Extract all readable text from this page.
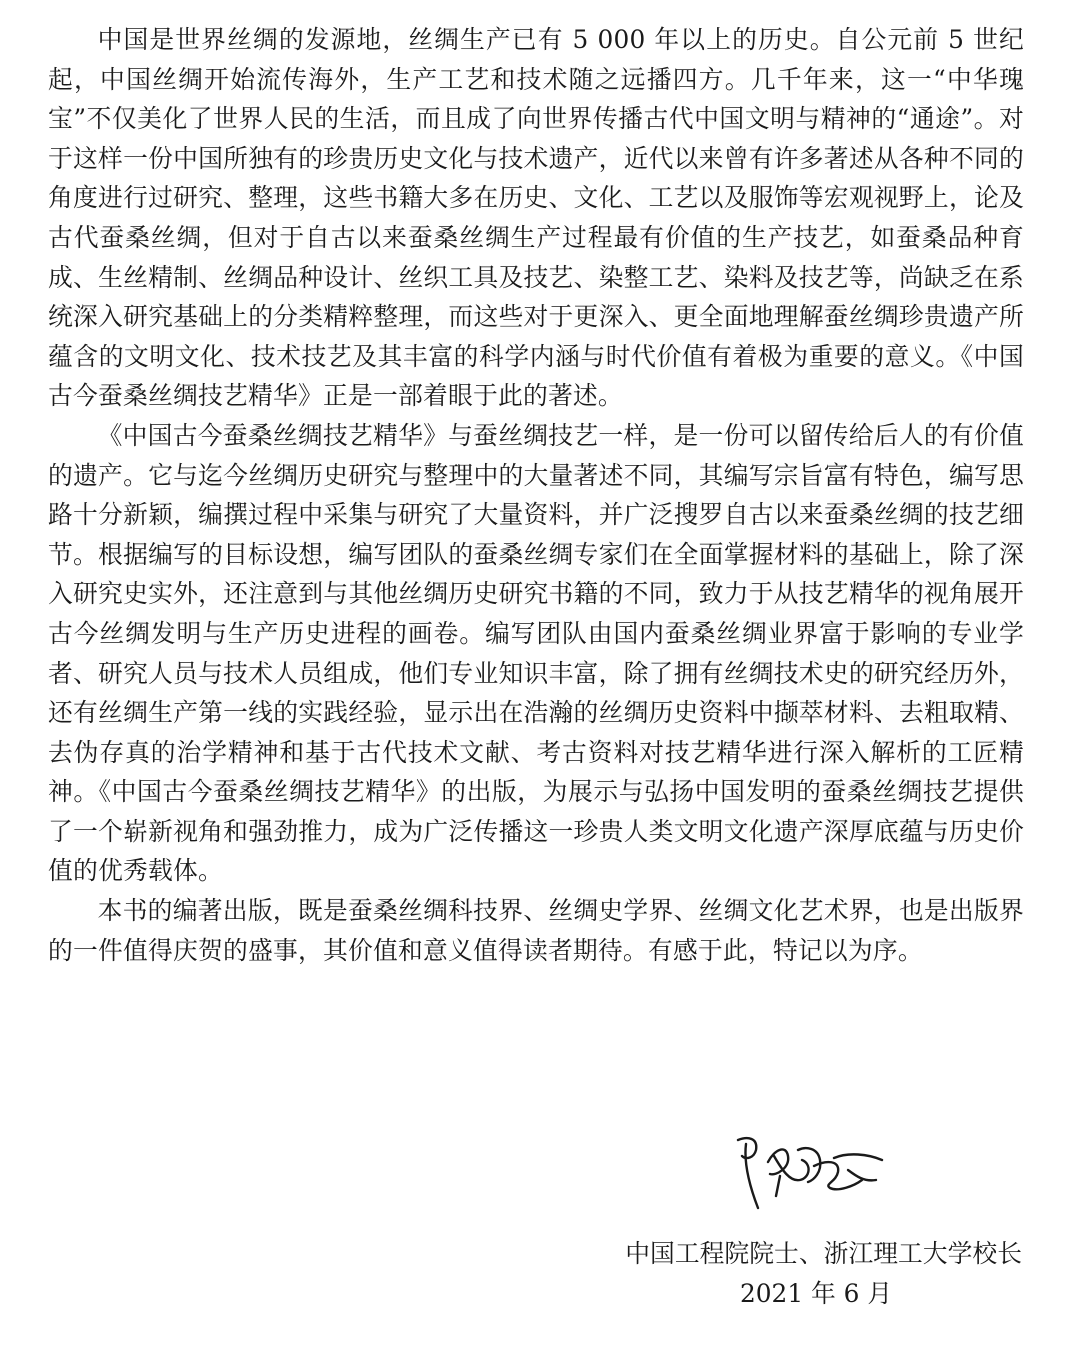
中国是世界丝绸的发源地，丝绸生产已有 5 000 年以上的历史。自公元前 5 世纪起，中国丝绸开始流传海外，生产工艺和技术随之远播四方。几千年来，这一“中华瑰宝”不仅美化了世界人民的生活，而且成了向世界传播古代中国文明与精神的“通途”。对于这样一份中国所独有的珍贵历史文化与技术遗产，近代以来曾有许多著述从各种不同的角度进行过研究、整理，这些书籍大多在历史、文化、工艺以及服饰等宏观视野上，论及古代蚕桑丝绸，但对于自古以来蚕桑丝绸生产过程最有价值的生产技艺，如蚕桑品种育成、生丝精制、丝绸品种设计、丝织工具及技艺、染整工艺、染料及技艺等，尚缺乏在系统深入研究基础上的分类精粹整理，而这些对于更深入、更全面地理解蚕丝绸珍贵遗产所蕴含的文明文化、技术技艺及其丰富的科学内涵与时代价值有着极为重要的意义。《中国古今蚕桑丝绸技艺精华》正是一部着眼于此的著述。

《中国古今蚕桑丝绸技艺精华》与蚕丝绸技艺一样，是一份可以留传给后人的有价值的遗产。它与迄今丝绸历史研究与整理中的大量著述不同，其编写宗旨富有特色，编写思路十分新颖，编撰过程中采集与研究了大量资料，并广泛搜罗自古以来蚕桑丝绸的技艺细节。根据编写的目标设想，编写团队的蚕桑丝绸专家们在全面掌握材料的基础上，除了深入研究史实外，还注意到与其他丝绸历史研究书籍的不同，致力于从技艺精华的视角展开古今丝绸发明与生产历史进程的画卷。编写团队由国内蚕桑丝绸业界富于影响的专业学者、研究人员与技术人员组成，他们专业知识丰富，除了拥有丝绸技术史的研究经历外，还有丝绸生产第一线的实践经验，显示出在浩瀚的丝绸历史资料中撷萃材料、去粗取精、去伪存真的治学精神和基于古代技术文献、考古资料对技艺精华进行深入解析的工匠精神。《中国古今蚕桑丝绸技艺精华》的出版，为展示与弘扬中国发明的蚕桑丝绸技艺提供了一个崭新视角和强劲推力，成为广泛传播这一珍贵人类文明文化遗产深厚底蕴与历史价值的优秀载体。

本书的编著出版，既是蚕桑丝绸科技界、丝绸史学界、丝绸文化艺术界，也是出版界的一件值得庆贺的盛事，其价值和意义值得读者期待。有感于此，特记以为序。

中国工程院院士、浙江理工大学校长
2021 年 6 月
